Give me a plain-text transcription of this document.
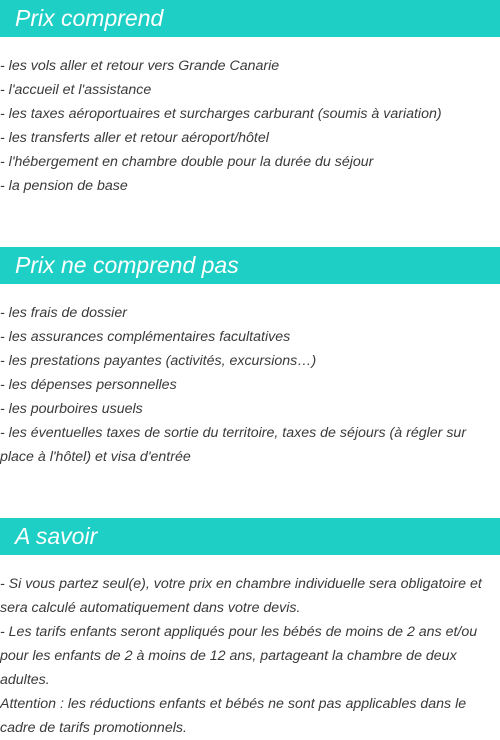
Prix comprend
- les vols aller et retour vers Grande Canarie
- l'accueil et l'assistance
- les taxes aéroportuaires et surcharges carburant (soumis à variation)
- les transferts aller et retour aéroport/hôtel
- l'hébergement en chambre double pour la durée du séjour
- la pension de base
Prix ne comprend pas
- les frais de dossier
- les assurances complémentaires facultatives
- les prestations payantes (activités, excursions…)
- les dépenses personnelles
- les pourboires usuels
- les éventuelles taxes de sortie du territoire, taxes de séjours (à régler sur place à l'hôtel) et visa d'entrée
A savoir
- Si vous partez seul(e), votre prix en chambre individuelle sera obligatoire et sera calculé automatiquement dans votre devis.
- Les tarifs enfants seront appliqués pour les bébés de moins de 2 ans et/ou pour les enfants de 2 à moins de 12 ans, partageant la chambre de deux adultes.
Attention : les réductions enfants et bébés ne sont pas applicables dans le cadre de tarifs promotionnels.
